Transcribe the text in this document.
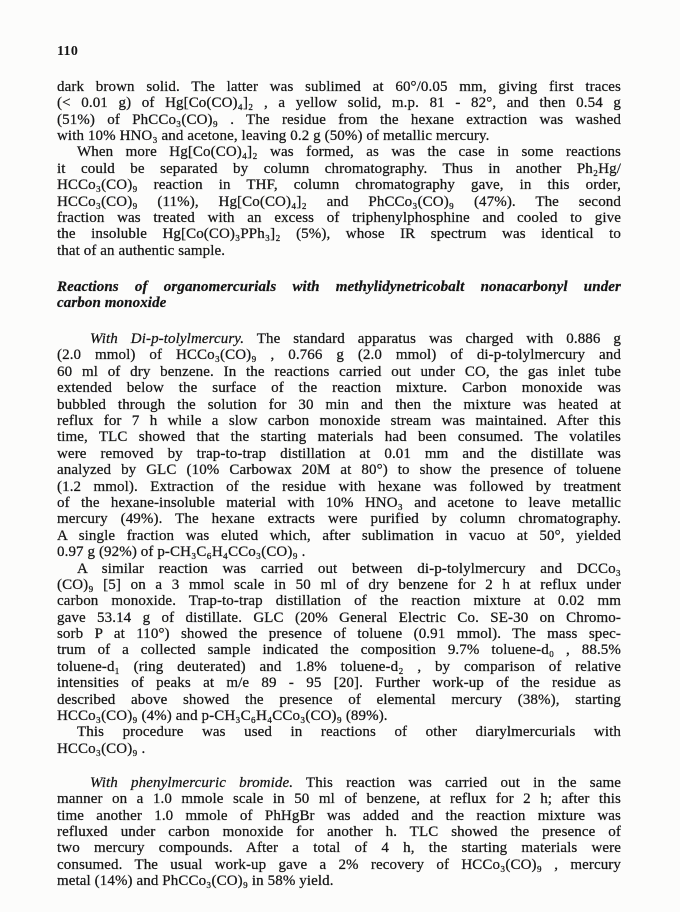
110
dark brown solid. The latter was sublimed at 60°/0.05 mm, giving first traces
(< 0.01 g) of Hg[Co(CO)₄]₂ , a yellow solid, m.p. 81 - 82°, and then 0.54 g
(51%) of PhCCo₃(CO)₉ . The residue from the hexane extraction was washed
with 10% HNO₃ and acetone, leaving 0.2 g (50%) of metallic mercury.
When more Hg[Co(CO)₄]₂ was formed, as was the case in some reactions
it could be separated by column chromatography. Thus in another Ph₂Hg/
HCCo₃(CO)₉ reaction in THF, column chromatography gave, in this order,
HCCo₃(CO)₉ (11%), Hg[Co(CO)₄]₂ and PhCCo₃(CO)₉ (47%). The second
fraction was treated with an excess of triphenylphosphine and cooled to give
the insoluble Hg[Co(CO)₃PPh₃]₂ (5%), whose IR spectrum was identical to
that of an authentic sample.
Reactions of organomercurials with methylidynetricobalt nonacarbonyl under
carbon monoxide
With Di-p-tolylmercury. The standard apparatus was charged with 0.886 g
(2.0 mmol) of HCCo₃(CO)₉ , 0.766 g (2.0 mmol) of di-p-tolylmercury and
60 ml of dry benzene. In the reactions carried out under CO, the gas inlet tube
extended below the surface of the reaction mixture. Carbon monoxide was
bubbled through the solution for 30 min and then the mixture was heated at
reflux for 7 h while a slow carbon monoxide stream was maintained. After this
time, TLC showed that the starting materials had been consumed. The volatiles
were removed by trap-to-trap distillation at 0.01 mm and the distillate was
analyzed by GLC (10% Carbowax 20M at 80°) to show the presence of toluene
(1.2 mmol). Extraction of the residue with hexane was followed by treatment
of the hexane-insoluble material with 10% HNO₃ and acetone to leave metallic
mercury (49%). The hexane extracts were purified by column chromatography.
A single fraction was eluted which, after sublimation in vacuo at 50°, yielded
0.97 g (92%) of p-CH₃C₆H₄CCo₃(CO)₉ .
A similar reaction was carried out between di-p-tolylmercury and DCCo₃
(CO)₉ [5] on a 3 mmol scale in 50 ml of dry benzene for 2 h at reflux under
carbon monoxide. Trap-to-trap distillation of the reaction mixture at 0.02 mm
gave 53.14 g of distillate. GLC (20% General Electric Co. SE-30 on Chromo-
sorb P at 110°) showed the presence of toluene (0.91 mmol). The mass spec-
trum of a collected sample indicated the composition 9.7% toluene-d₀ , 88.5%
toluene-d₁ (ring deuterated) and 1.8% toluene-d₂ , by comparison of relative
intensities of peaks at m/e 89 - 95 [20]. Further work-up of the residue as
described above showed the presence of elemental mercury (38%), starting
HCCo₃(CO)₉ (4%) and p-CH₃C₆H₄CCo₃(CO)₉ (89%).
This procedure was used in reactions of other diarylmercurials with
HCCo₃(CO)₉ .
With phenylmercuric bromide. This reaction was carried out in the same
manner on a 1.0 mmole scale in 50 ml of benzene, at reflux for 2 h; after this
time another 1.0 mmole of PhHgBr was added and the reaction mixture was
refluxed under carbon monoxide for another h. TLC showed the presence of
two mercury compounds. After a total of 4 h, the starting materials were
consumed. The usual work-up gave a 2% recovery of HCCo₃(CO)₉ , mercury
metal (14%) and PhCCo₃(CO)₉ in 58% yield.
